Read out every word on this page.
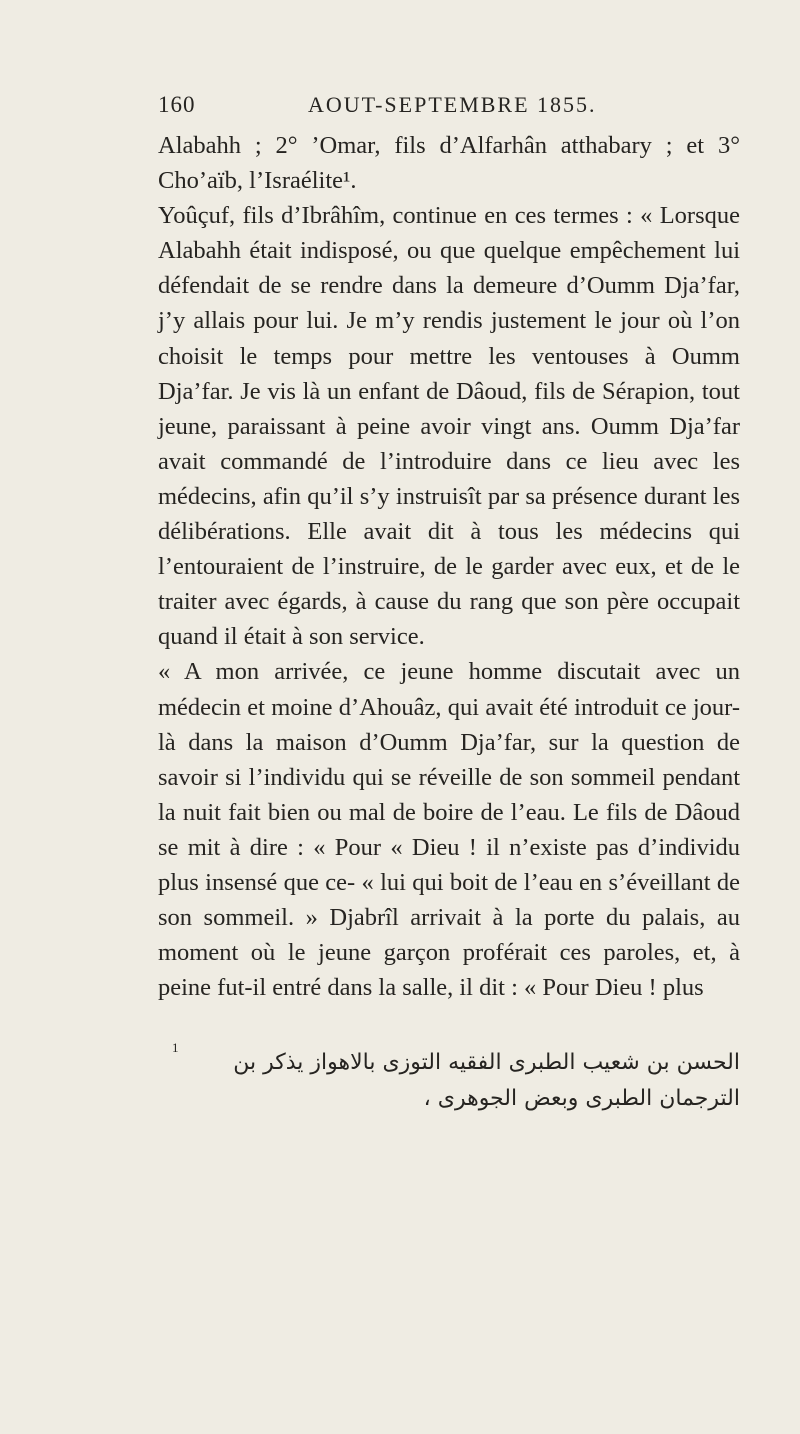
160	AOUT-SEPTEMBRE 1855.

Alabahh ; 2° ’Omar, fils d’Alfarhân atthabary ; et 3° Cho’aïb, l’Israélite¹.

Yoûçuf, fils d’Ibrâhîm, continue en ces termes : « Lorsque Alabahh était indisposé, ou que quelque empêchement lui défendait de se rendre dans la demeure d’Oumm Dja’far, j’y allais pour lui. Je m’y rendis justement le jour où l’on choisit le temps pour mettre les ventouses à Oumm Dja’far. Je vis là un enfant de Dâoud, fils de Sérapion, tout jeune, paraissant à peine avoir vingt ans. Oumm Dja’far avait commandé de l’introduire dans ce lieu avec les médecins, afin qu’il s’y instruisît par sa présence durant les délibérations. Elle avait dit à tous les médecins qui l’entouraient de l’instruire, de le garder avec eux, et de le traiter avec égards, à cause du rang que son père occupait quand il était à son service.

« A mon arrivée, ce jeune homme discutait avec un médecin et moine d’Ahouâz, qui avait été introduit ce jour-là dans la maison d’Oumm Dja’far, sur la question de savoir si l’individu qui se réveille de son sommeil pendant la nuit fait bien ou mal de boire de l’eau. Le fils de Dâoud se mit à dire : « Pour « Dieu ! il n’existe pas d’individu plus insensé que ce- « lui qui boit de l’eau en s’éveillant de son sommeil. » Djabrîl arrivait à la porte du palais, au moment où le jeune garçon proférait ces paroles, et, à peine fut-il entré dans la salle, il dit : « Pour Dieu ! plus

الحسن بن شعيب الطبرى الفقيه التوزى بالاهواز يذكر بن
الترجمان الطبرى وبعض الجوهرى ،
1
